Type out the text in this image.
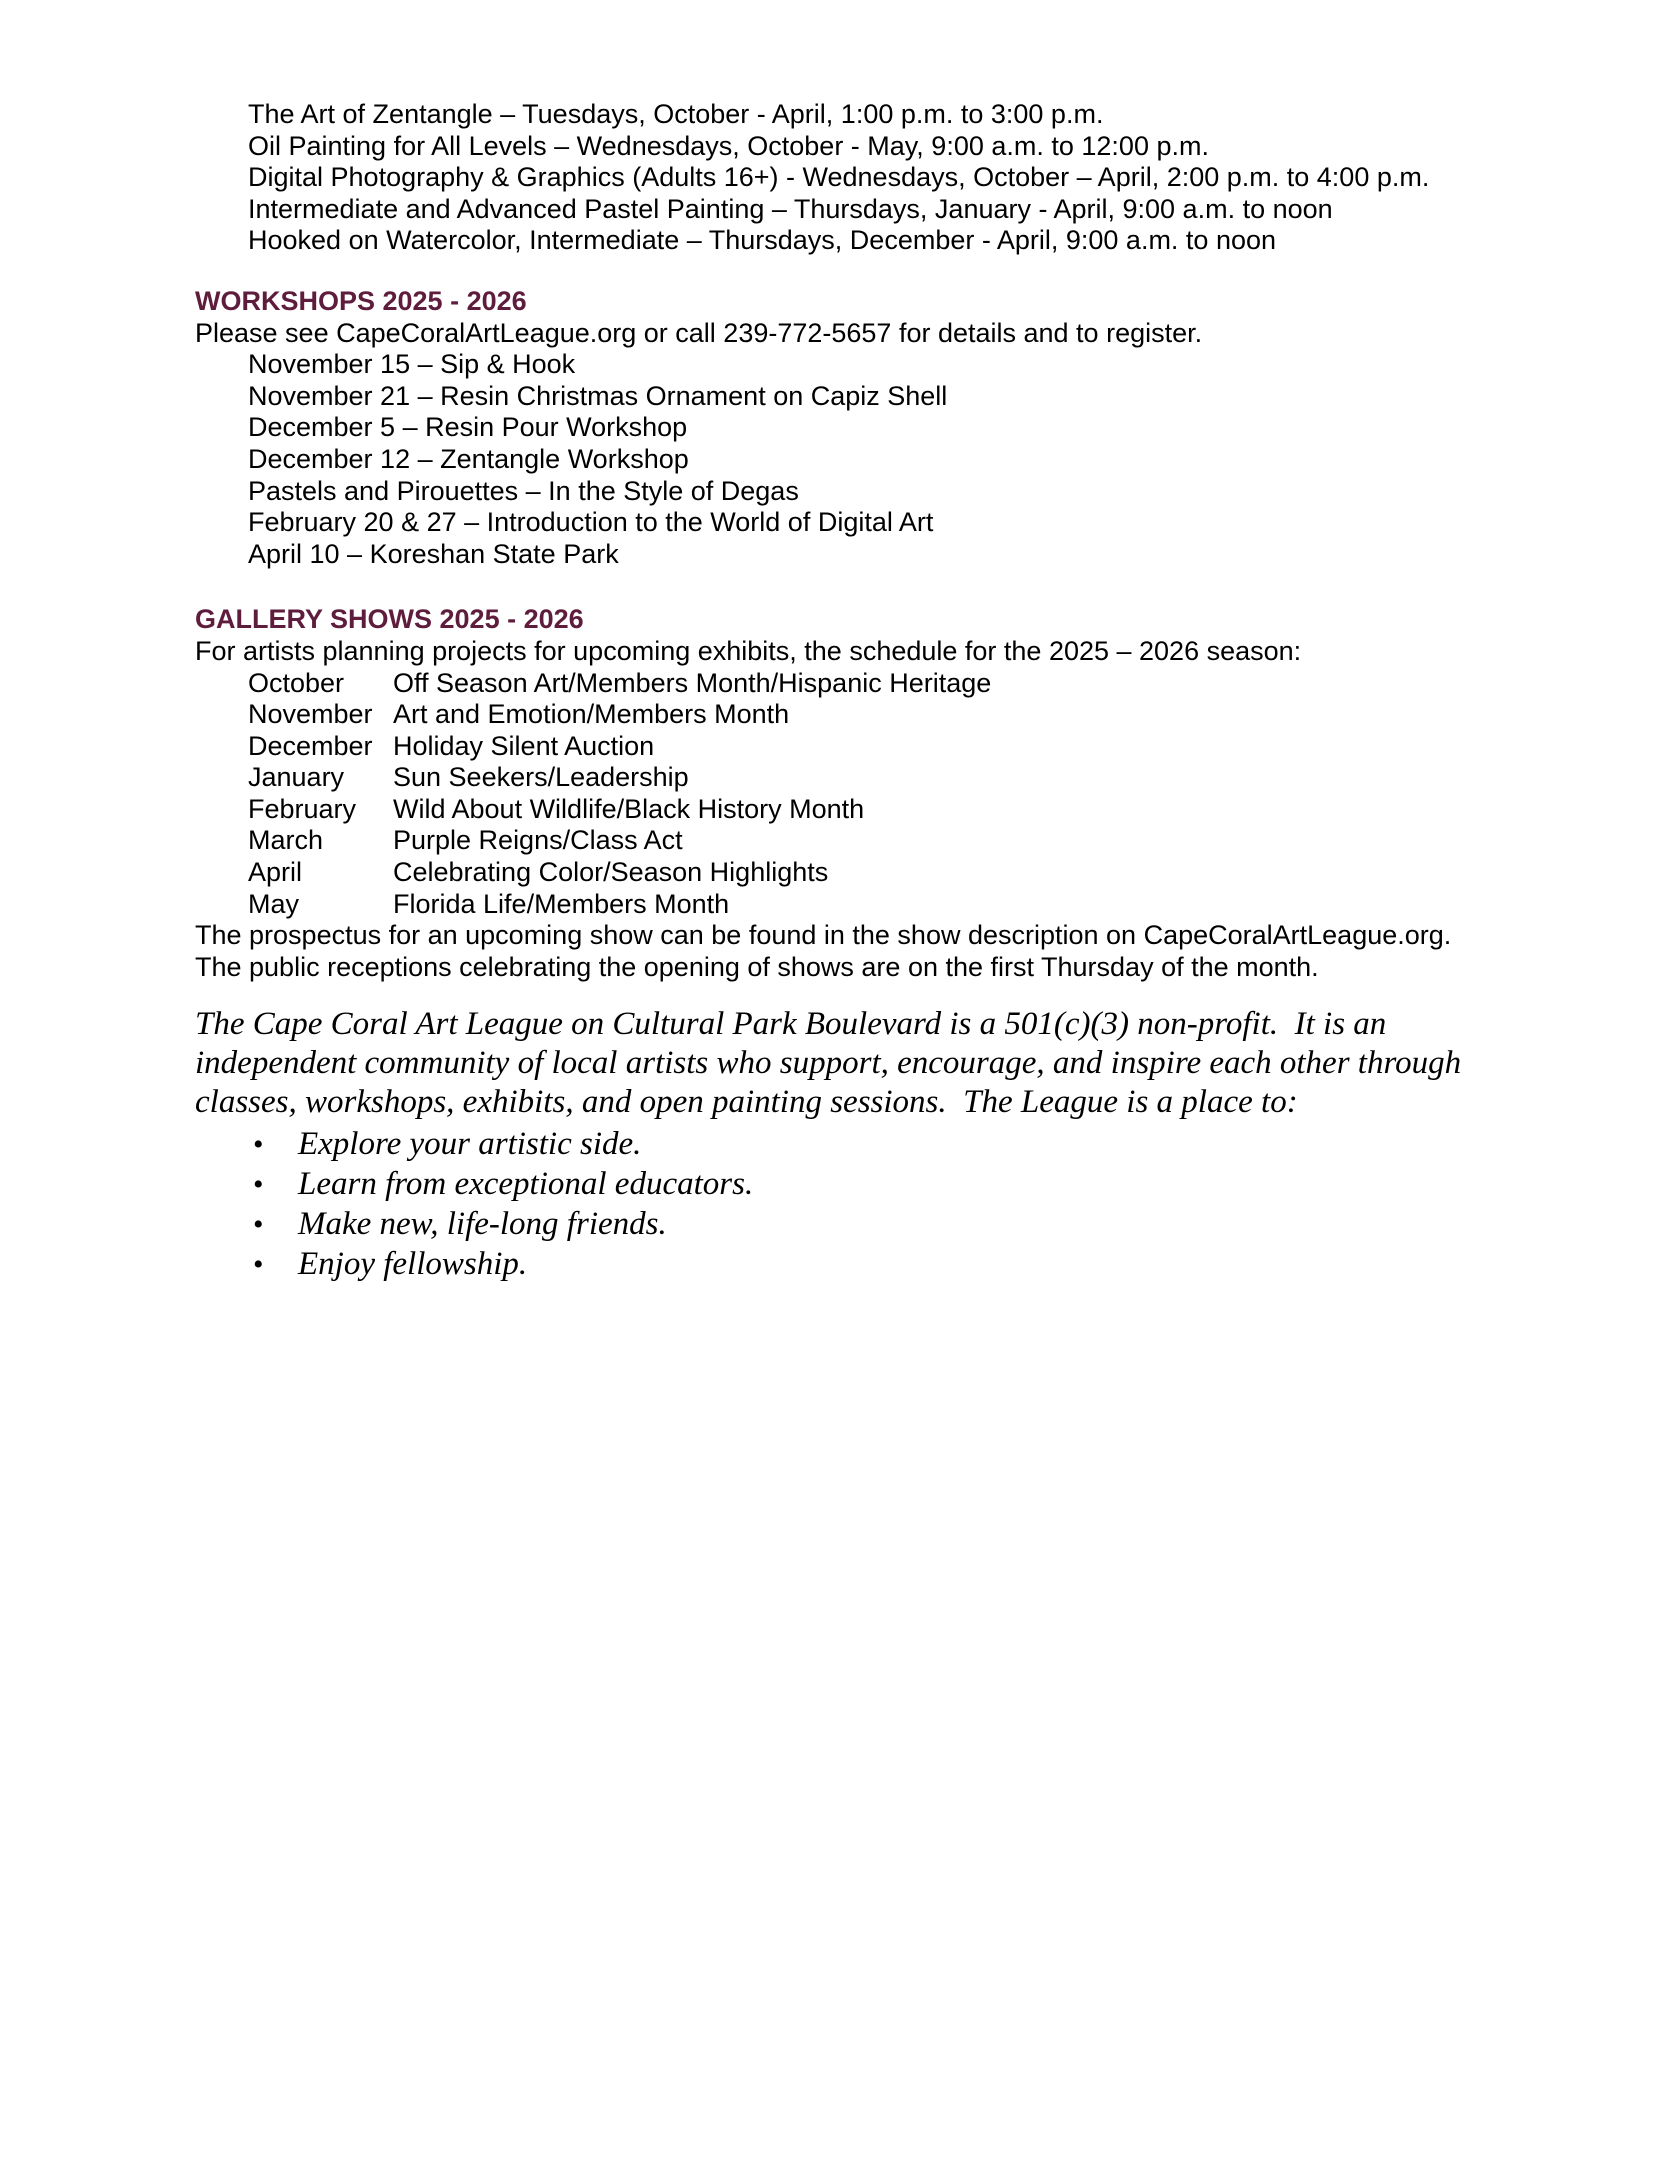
The Art of Zentangle – Tuesdays, October - April, 1:00 p.m. to 3:00 p.m.
Oil Painting for All Levels – Wednesdays, October - May, 9:00 a.m. to 12:00 p.m.
Digital Photography & Graphics (Adults 16+) - Wednesdays, October – April, 2:00 p.m. to 4:00 p.m.
Intermediate and Advanced Pastel Painting – Thursdays, January - April, 9:00 a.m. to noon
Hooked on Watercolor, Intermediate – Thursdays, December - April, 9:00 a.m. to noon
WORKSHOPS 2025 - 2026
Please see CapeCoralArtLeague.org or call 239-772-5657 for details and to register.
November 15 – Sip & Hook
November 21 – Resin Christmas Ornament on Capiz Shell
December 5 – Resin Pour Workshop
December 12 – Zentangle Workshop
Pastels and Pirouettes – In the Style of Degas
February 20 & 27 – Introduction to the World of Digital Art
April 10 – Koreshan State Park
GALLERY SHOWS 2025 - 2026
For artists planning projects for upcoming exhibits, the schedule for the 2025 – 2026 season:
October	Off Season Art/Members Month/Hispanic Heritage
November Art and Emotion/Members Month
December Holiday Silent Auction
January	Sun Seekers/Leadership
February	Wild About Wildlife/Black History Month
March	Purple Reigns/Class Act
April	Celebrating Color/Season Highlights
May	Florida Life/Members Month
The prospectus for an upcoming show can be found in the show description on CapeCoralArtLeague.org.
The public receptions celebrating the opening of shows are on the first Thursday of the month.
The Cape Coral Art League on Cultural Park Boulevard is a 501(c)(3) non-profit.  It is an
independent community of local artists who support, encourage, and inspire each other through
classes, workshops, exhibits, and open painting sessions.  The League is a place to:
•	Explore your artistic side.
•	Learn from exceptional educators.
•	Make new, life-long friends.
•	Enjoy fellowship.
